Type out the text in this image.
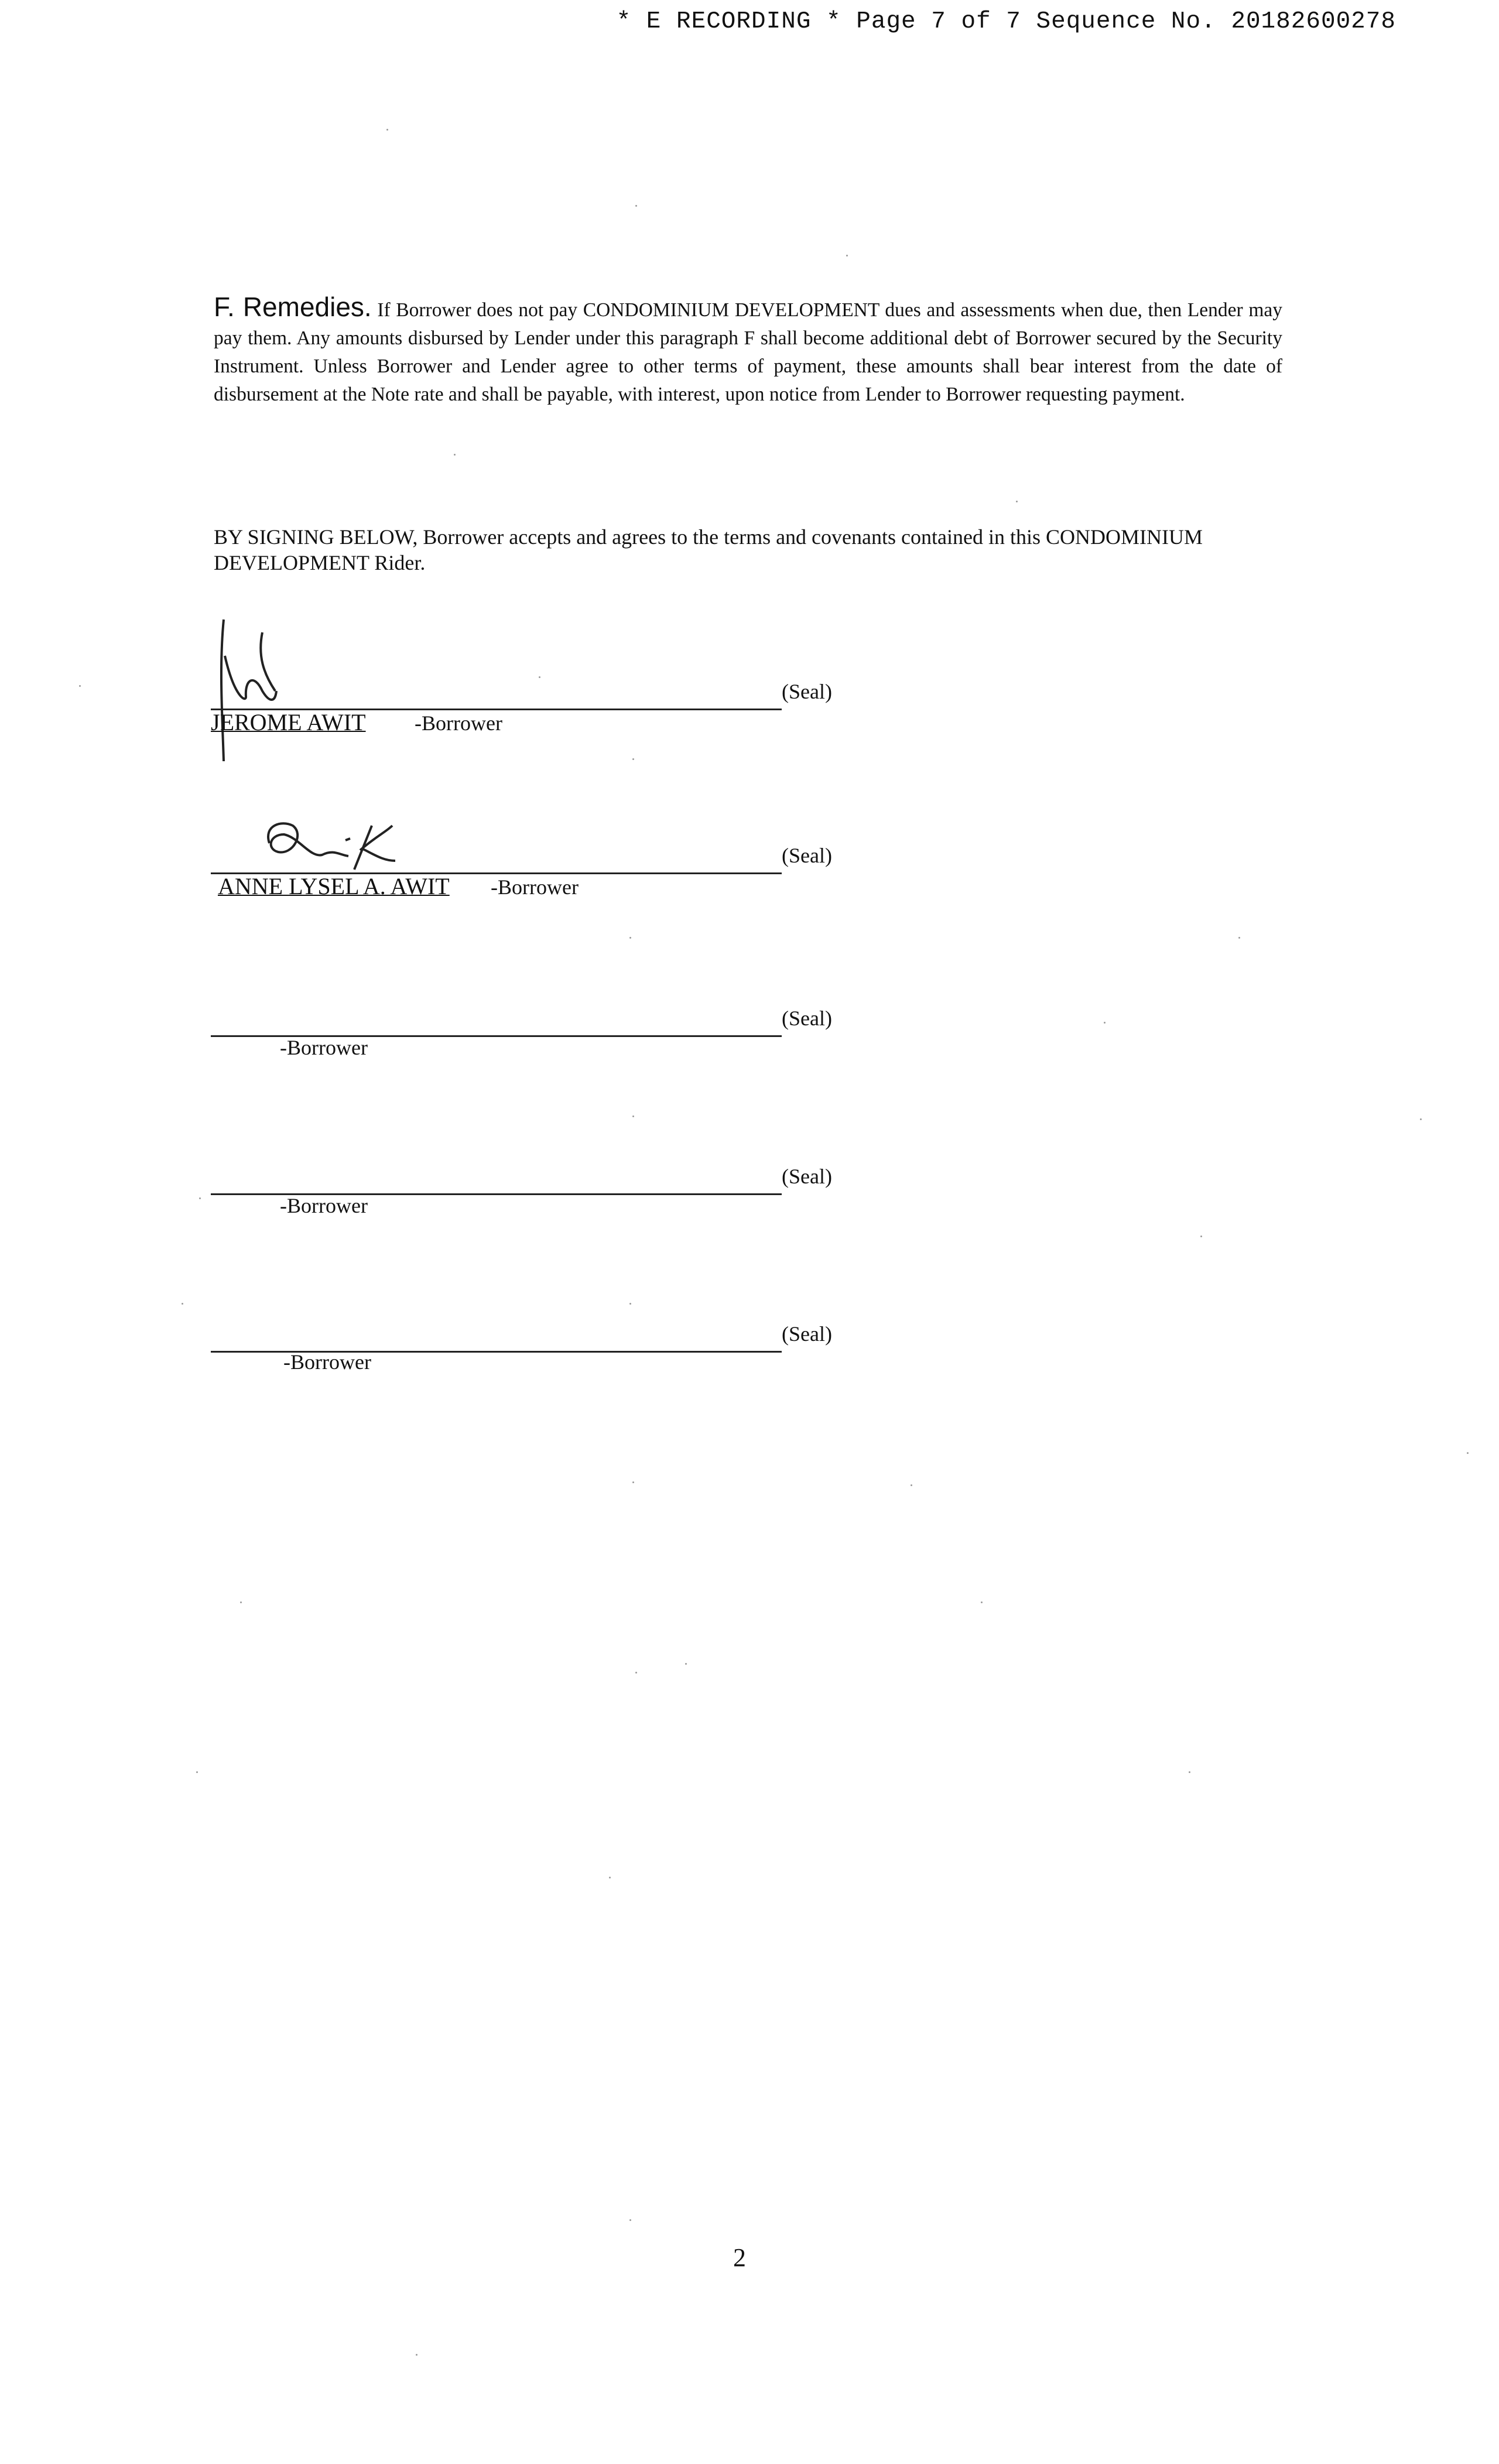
* E RECORDING * Page 7 of 7 Sequence No. 20182600278
F. Remedies. If Borrower does not pay CONDOMINIUM DEVELOPMENT dues and assessments when due, then Lender may pay them. Any amounts disbursed by Lender under this paragraph F shall become additional debt of Borrower secured by the Security Instrument. Unless Borrower and Lender agree to other terms of payment, these amounts shall bear interest from the date of disbursement at the Note rate and shall be payable, with interest, upon notice from Lender to Borrower requesting payment.
BY SIGNING BELOW, Borrower accepts and agrees to the terms and covenants contained in this CONDOMINIUM DEVELOPMENT Rider.
(Seal)
JEROME AWIT -Borrower
(Seal)
ANNE LYSEL A. AWIT -Borrower
(Seal)
-Borrower
(Seal)
-Borrower
(Seal)
-Borrower
2
